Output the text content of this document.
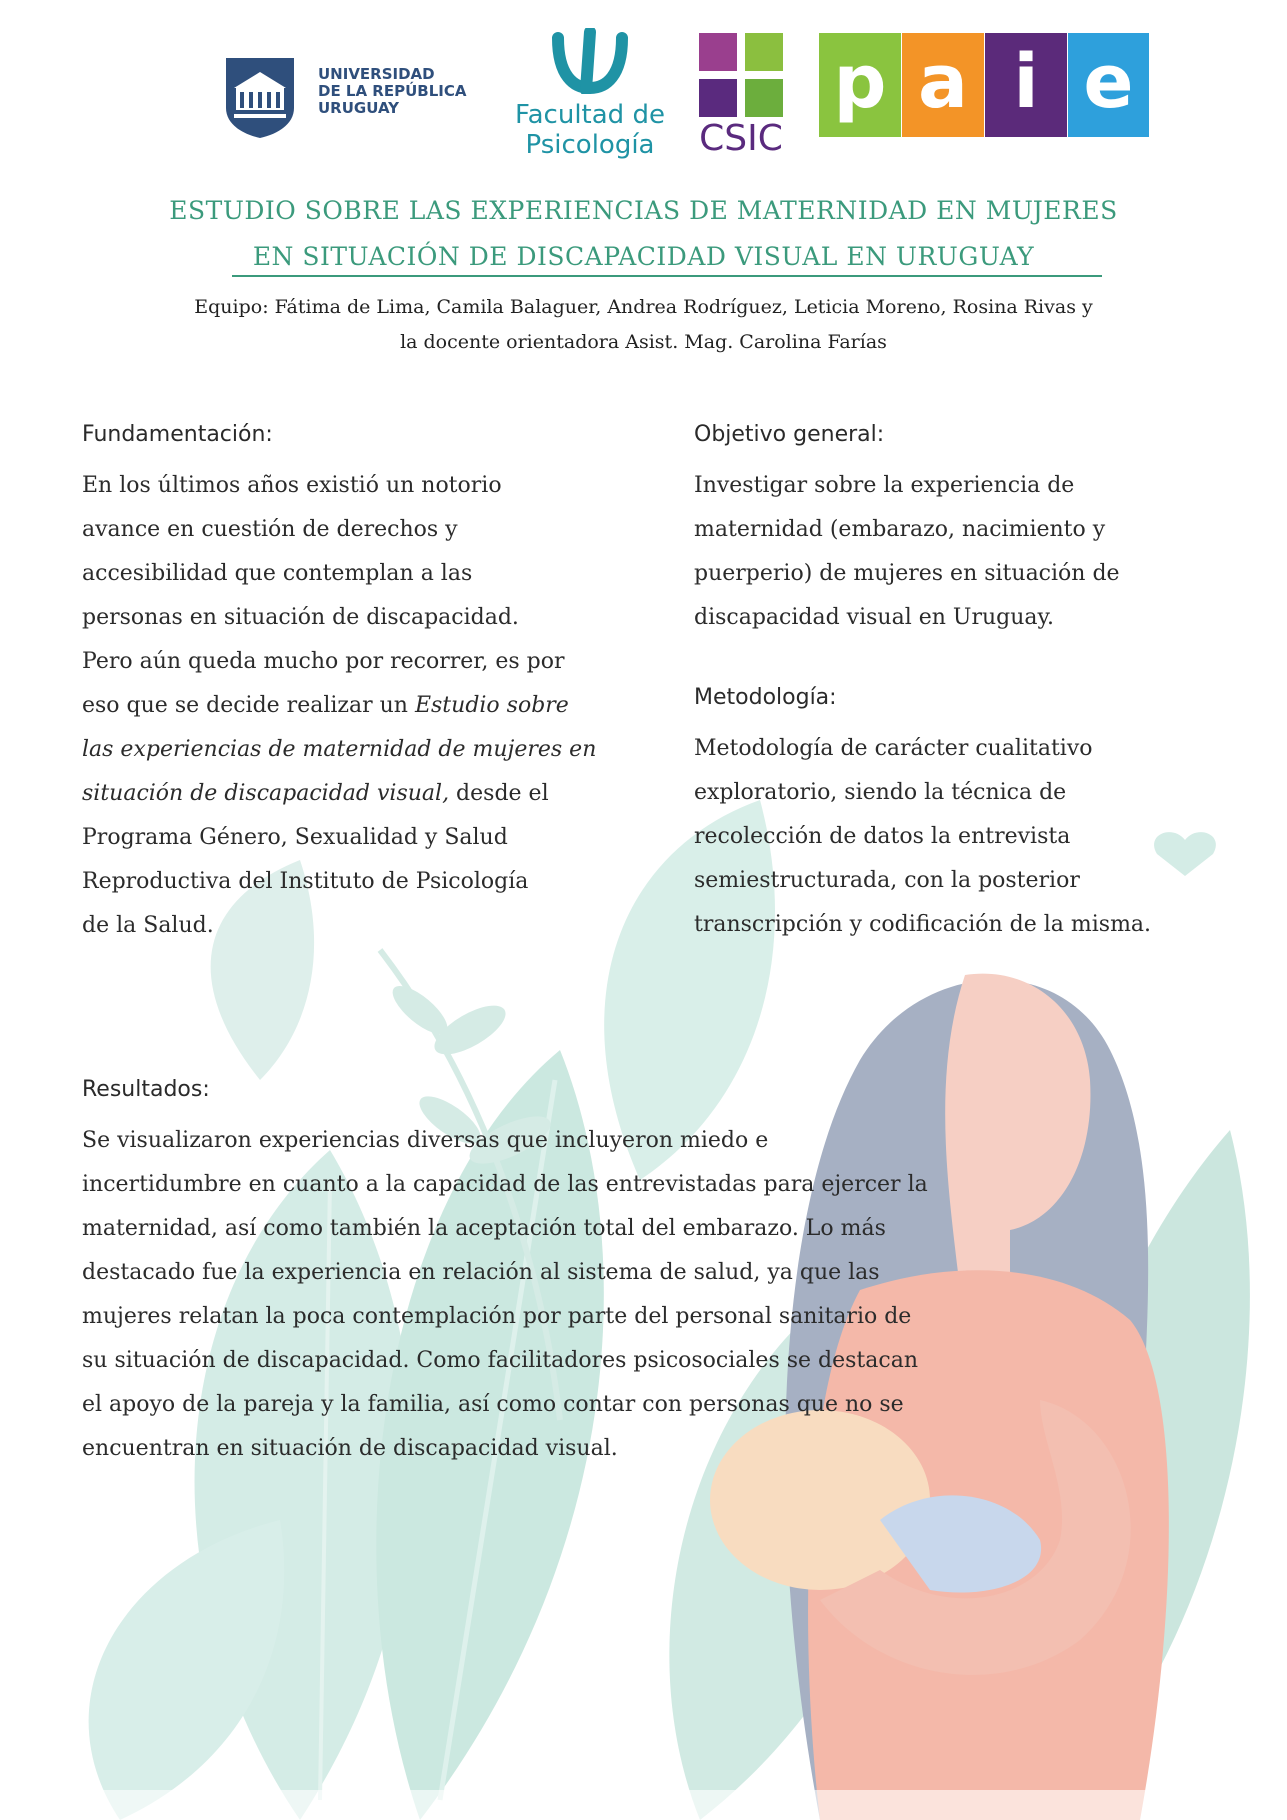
UNIVERSIDAD
DE LA REPÚBLICA
URUGUAY	Facultad de
Psicología CSIC
p a i e
ESTUDIO SOBRE LAS EXPERIENCIAS DE MATERNIDAD EN MUJERES
EN SITUACIÓN DE DISCAPACIDAD VISUAL EN URUGUAY
Equipo: Fátima de Lima, Camila Balaguer, Andrea Rodríguez, Leticia Moreno, Rosina Rivas y
la docente orientadora Asist. Mag. Carolina Farías
Fundamentación:
En los últimos años existió un notorio
avance en cuestión de derechos y
accesibilidad que contemplan a las
personas en situación de discapacidad.
Pero aún queda mucho por recorrer, es por
eso que se decide realizar un Estudio sobre
las experiencias de maternidad de mujeres en
situación de discapacidad visual, desde el
Programa Género, Sexualidad y Salud
Reproductiva del Instituto de Psicología
de la Salud.
Objetivo general:
Investigar sobre la experiencia de
maternidad (embarazo, nacimiento y
puerperio) de mujeres en situación de
discapacidad visual en Uruguay.
Metodología:
Metodología de carácter cualitativo
exploratorio, siendo la técnica de
recolección de datos la entrevista
semiestructurada, con la posterior
transcripción y codificación de la misma.
Resultados:
Se visualizaron experiencias diversas que incluyeron miedo e
incertidumbre en cuanto a la capacidad de las entrevistadas para ejercer la
maternidad, así como también la aceptación total del embarazo. Lo más
destacado fue la experiencia en relación al sistema de salud, ya que las
mujeres relatan la poca contemplación por parte del personal sanitario de
su situación de discapacidad. Como facilitadores psicosociales se destacan
el apoyo de la pareja y la familia, así como contar con personas que no se
encuentran en situación de discapacidad visual.
